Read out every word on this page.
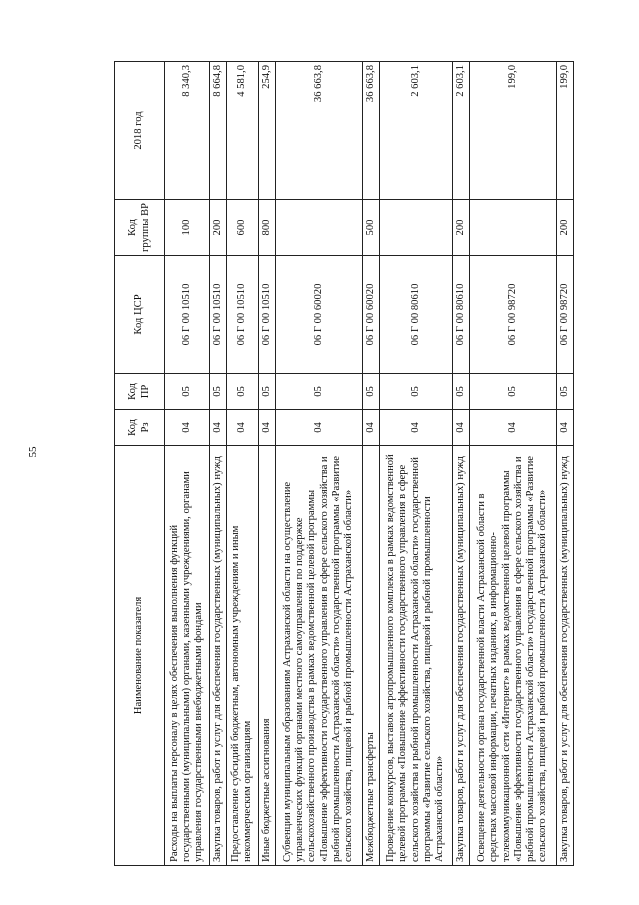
55
Наименование показателя	Код Рз	Код ПР	Код ЦСР	Код группы ВР	2018 год
Расходы на выплаты персоналу в целях обеспечения выполнения функций государственными (муниципальными) органами, казенными учреждениями, органами управления государственными внебюджетными фондами	04	05	06 Г 00 10510	100	8 340,3
Закупка товаров, работ и услуг для обеспечения государственных (муниципальных) нужд	04	05	06 Г 00 10510	200	8 664,8
Предоставление субсидий бюджетным, автономным учреждениям и иным некоммерческим организациям	04	05	06 Г 00 10510	600	4 581,0
Иные бюджетные ассигнования	04	05	06 Г 00 10510	800	254,9
Субвенции муниципальным образованиям Астраханской области на осуществление управленческих функций органами местного самоуправления по поддержке сельскохозяйственного производства в рамках ведомственной целевой программы «Повышение эффективности государственного управления в сфере сельского хозяйства и рыбной промышленности Астраханской области» государственной программы «Развитие сельского хозяйства, пищевой и рыбной промышленности Астраханской области»	04	05	06 Г 00 60020		36 663,8
Межбюджетные трансферты	04	05	06 Г 00 60020	500	36 663,8
Проведение конкурсов, выставок агропромышленного комплекса в рамках ведомственной целевой программы «Повышение эффективности государственного управления в сфере сельского хозяйства и рыбной промышленности Астраханской области» государственной программы «Развитие сельского хозяйства, пищевой и рыбной промышленности Астраханской области»	04	05	06 Г 00 80610		2 603,1
Закупка товаров, работ и услуг для обеспечения государственных (муниципальных) нужд	04	05	06 Г 00 80610	200	2 603,1
Освещение деятельности органа государственной власти Астраханской области в средствах массовой информации, печатных изданиях, в информационно-телекоммуникационной сети «Интернет» в рамках ведомственной целевой программы «Повышение эффективности государственного управления в сфере сельского хозяйства и рыбной промышленности Астраханской области» государственной программы «Развитие сельского хозяйства, пищевой и рыбной промышленности Астраханской области»	04	05	06 Г 00 98720		199,0
Закупка товаров, работ и услуг для обеспечения государственных (муниципальных) нужд	04	05	06 Г 00 98720	200	199,0
